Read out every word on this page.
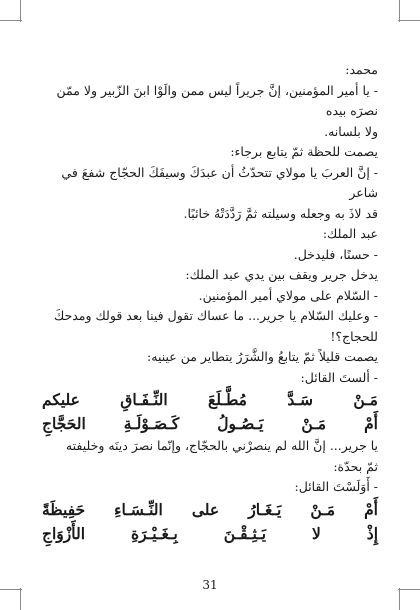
محمد:

- يا أمير المؤمنين، إنَّ جريراً ليس ممن والَوْا ابنَ الزّبير ولا ممّن نصرَه بيده

ولا بلسانه.

يصمت للحظة ثمّ يتابع برجاء:

- إنَّ العربَ يا مولاي تتحدّثُ أن عبدَكَ وسيفَكَ الحجّاج شفعَ في شاعر

قد لاذَ به وجعله وسيلته ثمَّ رَدَّدَتْهُ خائبًا.

عبد الملك:

- حسنًا، فليدخل.

يدخل جرير ويقف بين يدي عبد الملك:

- السّلام على مولاي أمير المؤمنين.

- وعليك السّلام يا جرير... ما عساك تقول فينا بعد قولك ومدحكَ

للحجاج؟!

يصمت قليلاً ثمّ يتابعُ والشَّرَرُ يتطاير من عينيه:

- ألستَ القائل:

مَـنْ سَـدَّ مُطَّـلَعَ النِّـفَـاقِ عليكم

أَمْ مَـنْ يَـصُـولُ كَـصَـوْلَـةِ الحَجَّاجِ

يا جرير... إنَّ الله لم ينصرْني بالحجّاج، وإنّما نصرَ دينَه وخليفته

ثمّ بحدّة:

- أَوَلَسْتَ القائل:

أَمْ مَـنْ يَـغَـارُ على النِّـسَـاءِ حَفِيظَةً

إِذْ لا يَـثِـقْـنَ بِـغَـيْـرَةِ الأَزْوَاجِ

31
